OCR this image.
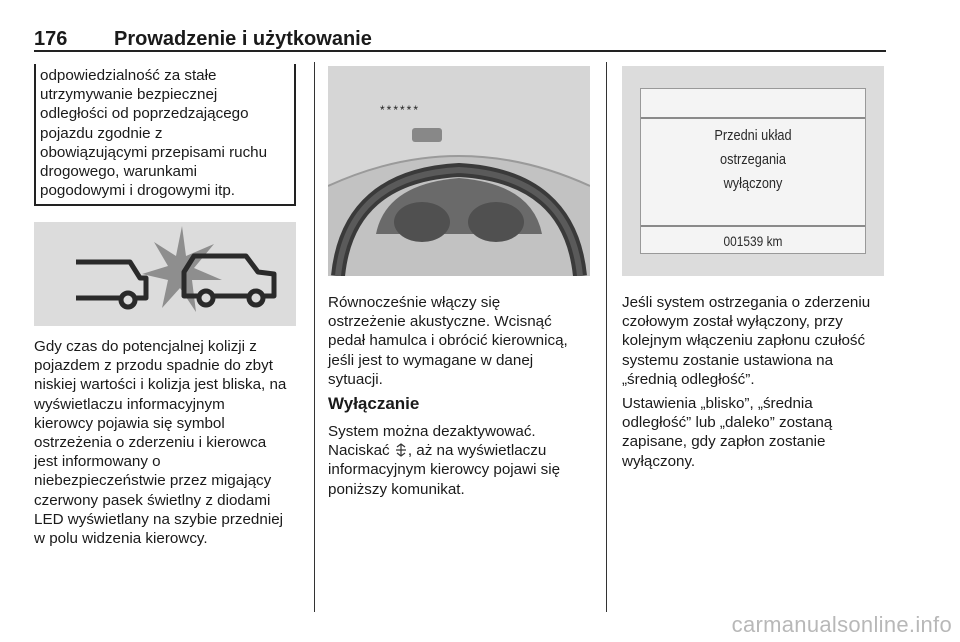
176 Prowadzenie i użytkowanie
odpowiedzialność za stałe
utrzymywanie bezpiecznej
odległości od poprzedzającego
pojazdu zgodnie z
obowiązującymi przepisami ruchu
drogowego, warunkami
pogodowymi i drogowymi itp.
Gdy czas do potencjalnej kolizji z
pojazdem z przodu spadnie do zbyt
niskiej wartości i kolizja jest bliska, na
wyświetlaczu informacyjnym
kierowcy pojawia się symbol
ostrzeżenia o zderzeniu i kierowca
jest informowany o
niebezpieczeństwie przez migający
czerwony pasek świetlny z diodami
LED wyświetlany na szybie przedniej
w polu widzenia kierowcy.
******
Równocześnie włączy się
ostrzeżenie akustyczne. Wcisnąć
pedał hamulca i obrócić kierownicą,
jeśli jest to wymagane w danej
sytuacji.
Wyłączanie
System można dezaktywować.
Naciskać , aż na wyświetlaczu
informacyjnym kierowcy pojawi się
poniższy komunikat.
Przedni układ
ostrzegania
wyłączony
001539 km
Jeśli system ostrzegania o zderzeniu
czołowym został wyłączony, przy
kolejnym włączeniu zapłonu czułość
systemu zostanie ustawiona na
„średnią odległość”.
Ustawienia „blisko”, „średnia
odległość” lub „daleko” zostaną
zapisane, gdy zapłon zostanie
wyłączony.
carmanualsonline.info
